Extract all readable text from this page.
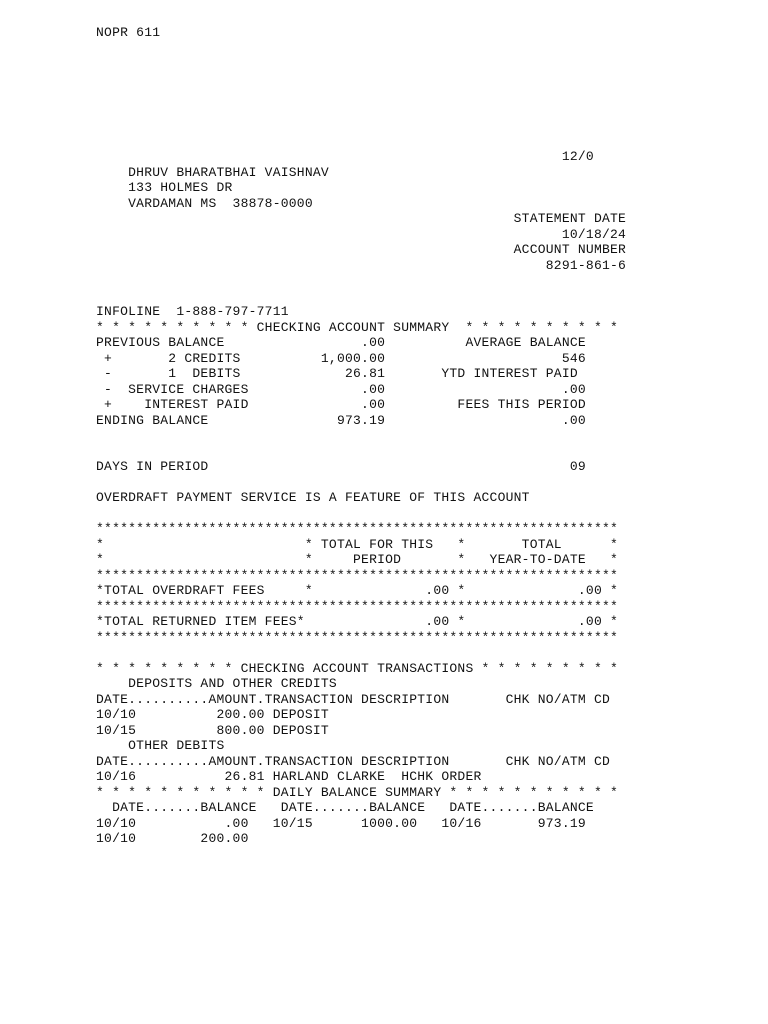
NOPR 611
12/0
DHRUV BHARATBHAI VAISHNAV
133 HOLMES DR
VARDAMAN MS  38878-0000
STATEMENT DATE
10/18/24
ACCOUNT NUMBER
8291-861-6
INFOLINE  1-888-797-7711
* * * * * * * * * * CHECKING ACCOUNT SUMMARY  * * * * * * * * * *
PREVIOUS BALANCE                 .00          AVERAGE BALANCE
+       2 CREDITS          1,000.00                      546
-       1  DEBITS             26.81       YTD INTEREST PAID
-  SERVICE CHARGES              .00                      .00
+    INTEREST PAID              .00         FEES THIS PERIOD
ENDING BALANCE                973.19                      .00
DAYS IN PERIOD                                             09
OVERDRAFT PAYMENT SERVICE IS A FEATURE OF THIS ACCOUNT
*****************************************************************
*                         * TOTAL FOR THIS   *       TOTAL      *
*                         *     PERIOD       *   YEAR-TO-DATE   *
*****************************************************************
*TOTAL OVERDRAFT FEES     *              .00 *              .00 *
*****************************************************************
*TOTAL RETURNED ITEM FEES*               .00 *              .00 *
*****************************************************************
* * * * * * * * * CHECKING ACCOUNT TRANSACTIONS * * * * * * * * *
DEPOSITS AND OTHER CREDITS
DATE..........AMOUNT.TRANSACTION DESCRIPTION       CHK NO/ATM CD
10/10          200.00 DEPOSIT
10/15          800.00 DEPOSIT
OTHER DEBITS
DATE..........AMOUNT.TRANSACTION DESCRIPTION       CHK NO/ATM CD
10/16           26.81 HARLAND CLARKE  HCHK ORDER
* * * * * * * * * * * DAILY BALANCE SUMMARY * * * * * * * * * * *
DATE.......BALANCE   DATE.......BALANCE   DATE.......BALANCE
10/10           .00   10/15      1000.00   10/16       973.19
10/10        200.00
